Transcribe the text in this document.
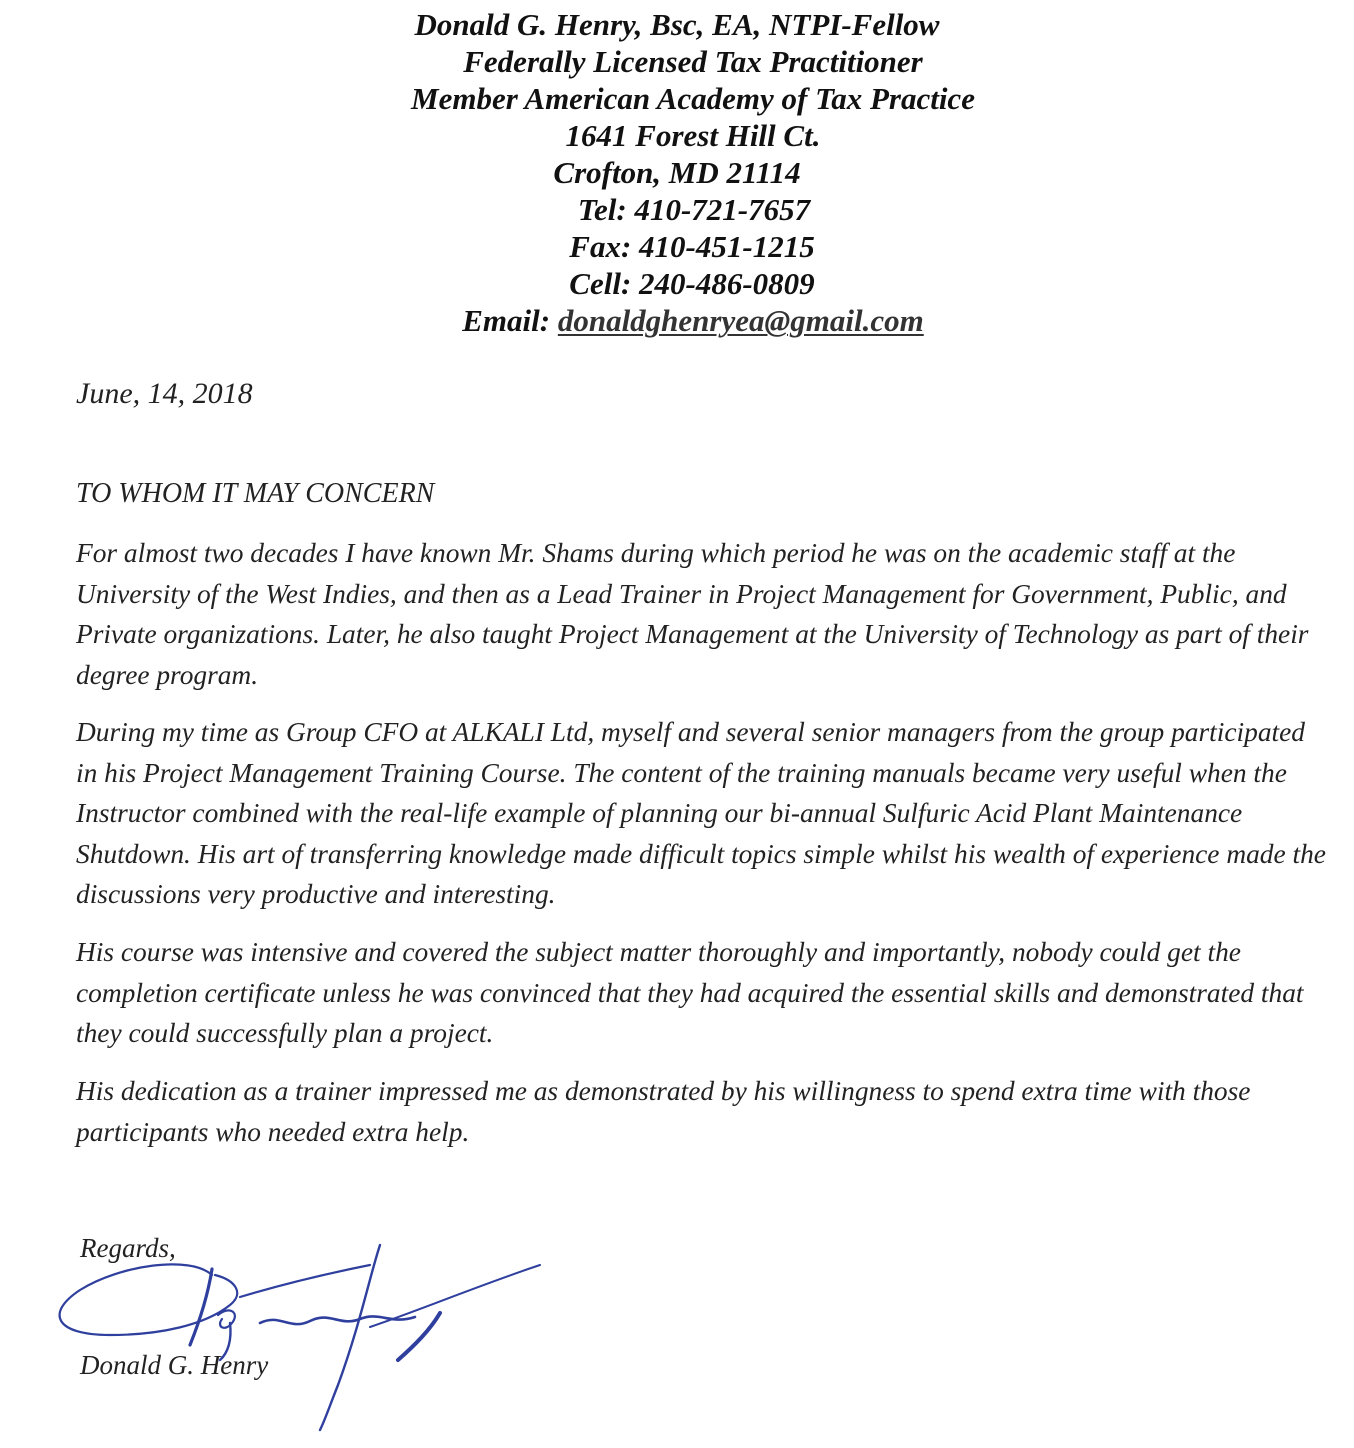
Donald G. Henry, Bsc, EA, NTPI-Fellow
Federally Licensed Tax Practitioner
Member American Academy of Tax Practice
1641 Forest Hill Ct.
Crofton, MD 21114
Tel: 410-721-7657
Fax: 410-451-1215
Cell: 240-486-0809
Email: donaldghenryea@gmail.com
June, 14, 2018
TO WHOM IT MAY CONCERN
For almost two decades I have known Mr. Shams during which period he was on the academic staff at the University of the West Indies, and then as a Lead Trainer in Project Management for Government, Public, and Private organizations. Later, he also taught Project Management at the University of Technology as part of their degree program.
During my time as Group CFO at ALKALI Ltd, myself and several senior managers from the group participated in his Project Management Training Course. The content of the training manuals became very useful when the Instructor combined with the real-life example of planning our bi-annual Sulfuric Acid Plant Maintenance Shutdown. His art of transferring knowledge made difficult topics simple whilst his wealth of experience made the discussions very productive and interesting.
His course was intensive and covered the subject matter thoroughly and importantly, nobody could get the completion certificate unless he was convinced that they had acquired the essential skills and demonstrated that they could successfully plan a project.
His dedication as a trainer impressed me as demonstrated by his willingness to spend extra time with those participants who needed extra help.
Regards,
Donald G. Henry
